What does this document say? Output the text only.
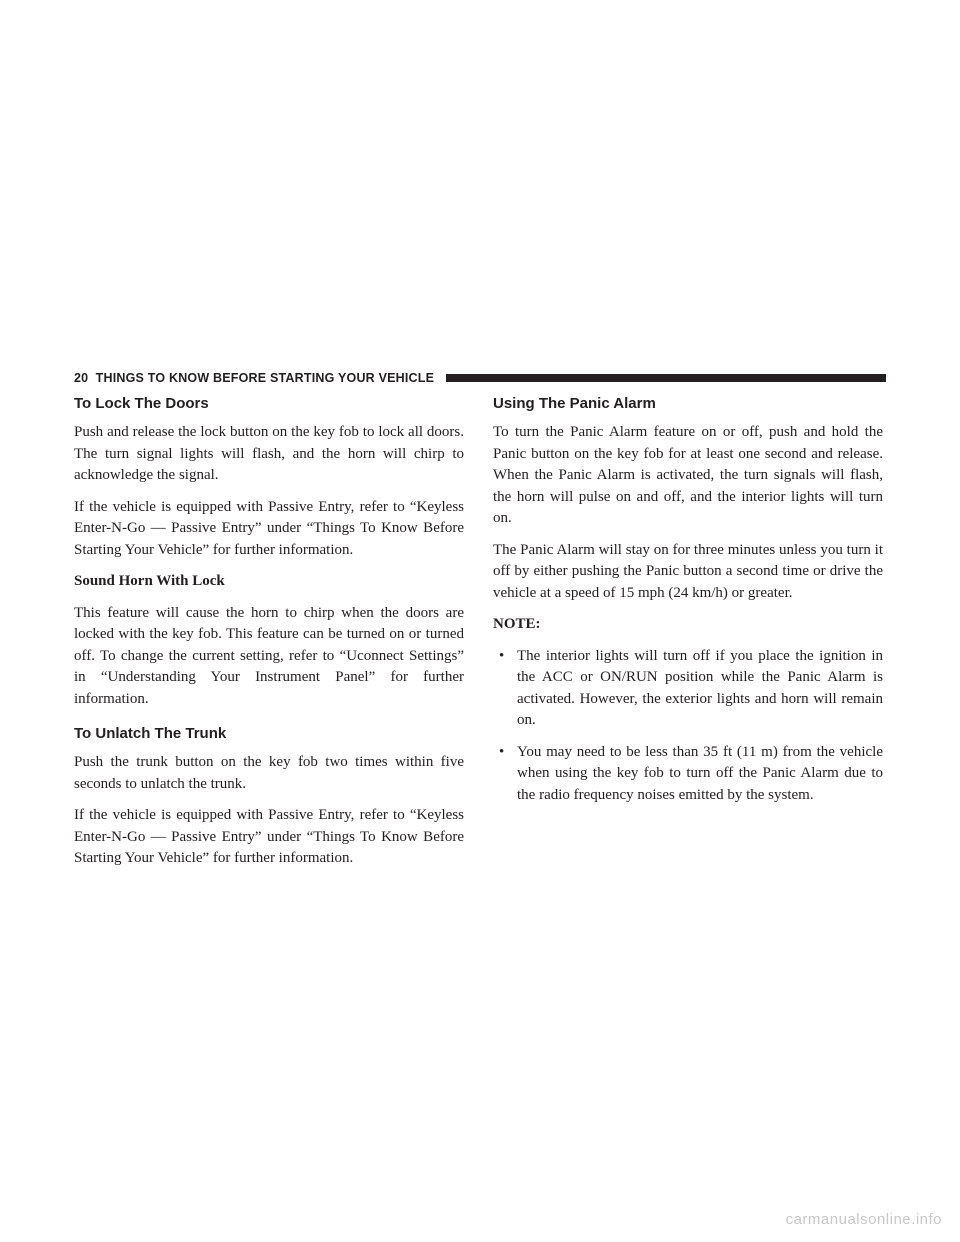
20 THINGS TO KNOW BEFORE STARTING YOUR VEHICLE
To Lock The Doors

Push and release the lock button on the key fob to lock all doors. The turn signal lights will flash, and the horn will chirp to acknowledge the signal.

If the vehicle is equipped with Passive Entry, refer to “Keyless Enter-N-Go — Passive Entry” under “Things To Know Before Starting Your Vehicle” for further information.

Sound Horn With Lock

This feature will cause the horn to chirp when the doors are locked with the key fob. This feature can be turned on or turned off. To change the current setting, refer to “Uconnect Settings” in “Understanding Your Instrument Panel” for further information.

To Unlatch The Trunk

Push the trunk button on the key fob two times within five seconds to unlatch the trunk.

If the vehicle is equipped with Passive Entry, refer to “Keyless Enter-N-Go — Passive Entry” under “Things To Know Before Starting Your Vehicle” for further information.

Using The Panic Alarm

To turn the Panic Alarm feature on or off, push and hold the Panic button on the key fob for at least one second and release. When the Panic Alarm is activated, the turn signals will flash, the horn will pulse on and off, and the interior lights will turn on.

The Panic Alarm will stay on for three minutes unless you turn it off by either pushing the Panic button a second time or drive the vehicle at a speed of 15 mph (24 km/h) or greater.

NOTE:

• The interior lights will turn off if you place the ignition in the ACC or ON/RUN position while the Panic Alarm is activated. However, the exterior lights and horn will remain on.
• You may need to be less than 35 ft (11 m) from the vehicle when using the key fob to turn off the Panic Alarm due to the radio frequency noises emitted by the system.
carmanualsonline.info
